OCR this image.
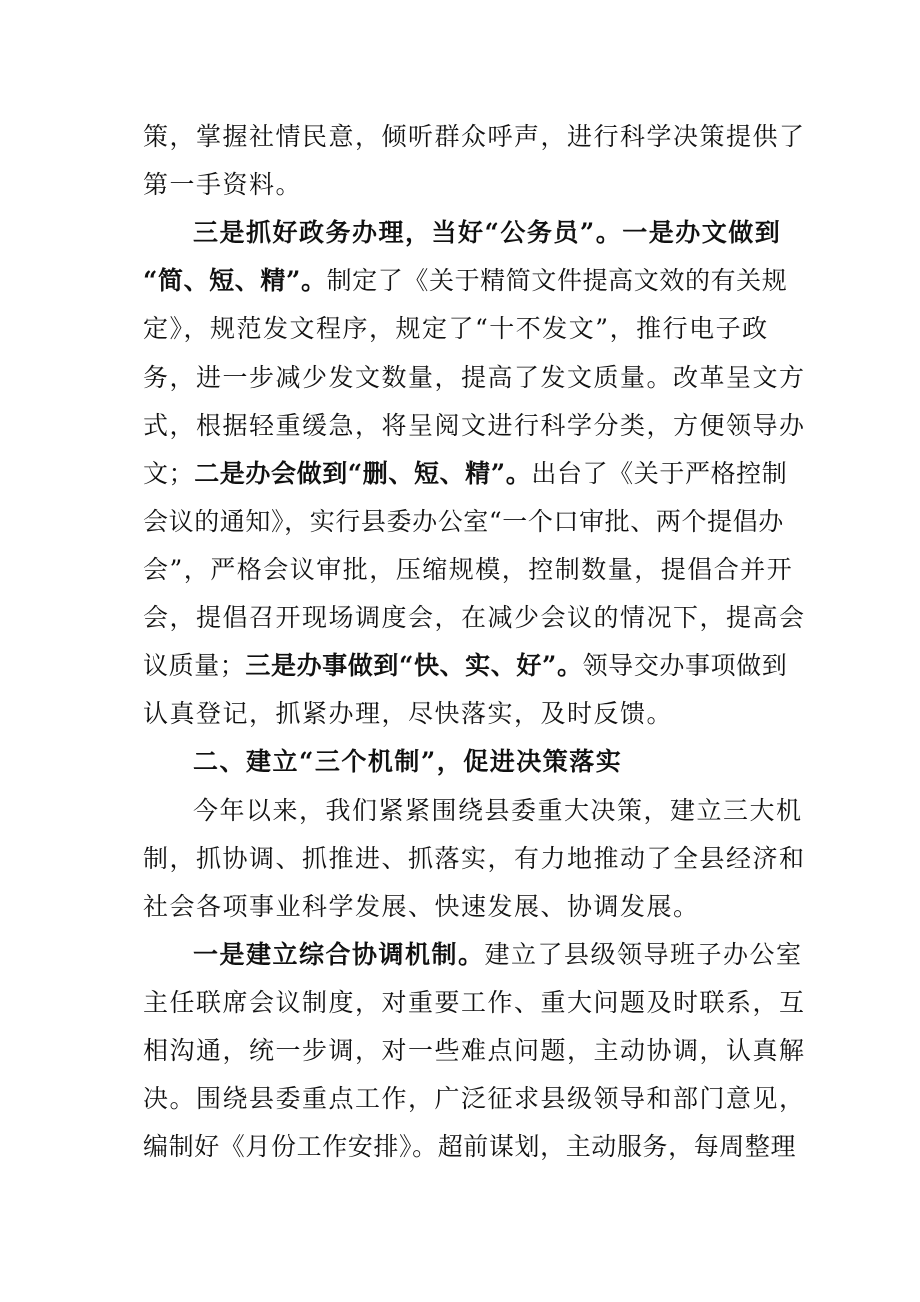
策，掌握社情民意，倾听群众呼声，进行科学决策提供了
第一手资料。
三是抓好政务办理，当好“公务员”。一是办文做到
“简、短、精”。制定了《关于精简文件提高文效的有关规
定》，规范发文程序，规定了“十不发文”，推行电子政
务，进一步减少发文数量，提高了发文质量。改革呈文方
式，根据轻重缓急，将呈阅文进行科学分类，方便领导办
文；二是办会做到“删、短、精”。出台了《关于严格控制
会议的通知》，实行县委办公室“一个口审批、两个提倡办
会”，严格会议审批，压缩规模，控制数量，提倡合并开
会，提倡召开现场调度会，在减少会议的情况下，提高会
议质量；三是办事做到“快、实、好”。领导交办事项做到
认真登记，抓紧办理，尽快落实，及时反馈。
二、建立“三个机制”，促进决策落实
今年以来，我们紧紧围绕县委重大决策，建立三大机
制，抓协调、抓推进、抓落实，有力地推动了全县经济和
社会各项事业科学发展、快速发展、协调发展。
一是建立综合协调机制。建立了县级领导班子办公室
主任联席会议制度，对重要工作、重大问题及时联系，互
相沟通，统一步调，对一些难点问题，主动协调，认真解
决。围绕县委重点工作，广泛征求县级领导和部门意见，
编制好《月份工作安排》。超前谋划，主动服务，每周整理
